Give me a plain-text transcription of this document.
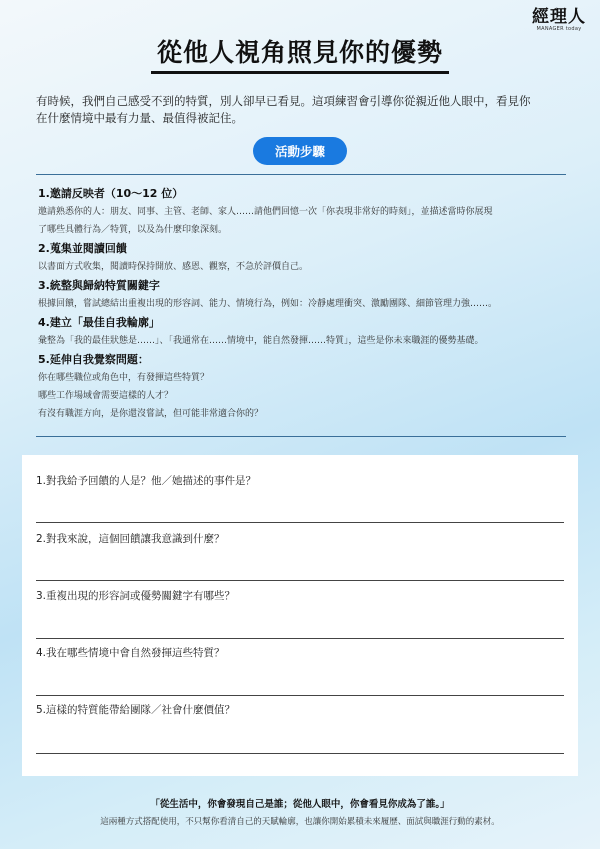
經理人
MANAGER today
從他人視角照見你的優勢
有時候，我們自己感受不到的特質，別人卻早已看見。這項練習會引導你從親近他人眼中，看見你
在什麼情境中最有力量、最值得被記住。
活動步驟
1.邀請反映者（10～12 位）
邀請熟悉你的人：朋友、同事、主管、老師、家人……請他們回憶一次「你表現非常好的時刻」，並描述當時你展現
了哪些具體行為／特質，以及為什麼印象深刻。
2.蒐集並閱讀回饋
以書面方式收集，閱讀時保持開放、感恩、觀察，不急於評價自己。
3.統整與歸納特質關鍵字
根據回饋，嘗試總結出重複出現的形容詞、能力、情境行為，例如：冷靜處理衝突、激勵團隊、細節管理力強……。
4.建立「最佳自我輪廓」
彙整為「我的最佳狀態是……」、「我通常在……情境中，能自然發揮……特質」，這些是你未來職涯的優勢基礎。
5.延伸自我覺察問題：
你在哪些職位或角色中，有發揮這些特質？
哪些工作場域會需要這樣的人才？
有沒有職涯方向，是你還沒嘗試，但可能非常適合你的？
1.對我給予回饋的人是？他／她描述的事件是？
2.對我來說，這個回饋讓我意識到什麼？
3.重複出現的形容詞或優勢關鍵字有哪些？
4.我在哪些情境中會自然發揮這些特質？
5.這樣的特質能帶給團隊／社會什麼價值？
「從生活中，你會發現自己是誰；從他人眼中，你會看見你成為了誰。」
這兩種方式搭配使用，不只幫你看清自己的天賦輪廓，也讓你開始累積未來履歷、面試與職涯行動的素材。
